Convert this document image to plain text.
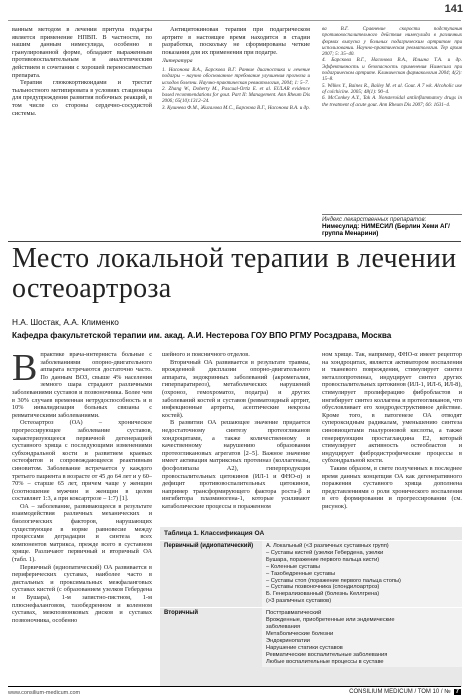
141

ванным методом в лечении притупа подагры является применение НПВП. В частности, по нашим данным нимесулида, особенно в гранулированной форме, обладают выраженным противовоспалительным и аналгетическим действием в сочетании с хорошей переносимостью препарата.

Терапия глюкокортикоидами и трестат тыльностного метипировата в условиях стационара для предупреждения развития побочных реакций, в том числе со стороны сердечно-сосудистой системы.

Антицитокиновая терапия при подагрическом артрите в настоящее время находится в стадии разработки, поскольку не сформированы четкие показания для их применения при подагре.

Литература
1. Насонова В.А., Барскова В.Г. Ранние диагностика и лечение подагры – научно обоснованное требование улучшения прогноза и исходов болезни. Научно-практическая ревматология, 2004; 1: 5–7.
2. Zhang W., Doherty M., Pascual-Ortiz E. et al. EULAR evidence based recommendations for gout. Part II: Management. Ann Rheum Dis 2006; 65(10):1312–24.
3. Кушнева Ф.М., Жигалова М.С., Барскова В.Г., Насонова В.А. и др.
ва В.Г. Сравнение скорости подступания противовоспалительного действия нимесулида в различных формах выпуска у больных подагрическим артритом при использовании. Научно-практическая ревматология. Тер архив 2007; 5: 35–40.
4. Барскова В.Г., Насонова В.А., Ильина Т.А. и др. Эффективность и безопасность применения Нимесила при подагрическом артрите. Клиническая фармакология 2004; 4(2): 15–8.
5. Wilkes Y., Baines R., Bailey M. et al. Gout. A 7 wk. Alcoholic use of colchicine. 2005; 48(1): 90–4.
6. McConkey A.Y., Tak A. Nonsteroidal antiinflammatory drugs in the treatment of acute gout. Ann Rheum Dis 2007; 66: 1631–4.
Индекс лекарственных препаратов:
Нимесулид: НИМЕСИЛ (Берлин Хеми АГ/ группа Менарини)
Место локальной терапии в лечении остеоартроза
Н.А. Шостак, А.А. Клименко
Кафедра факультетской терапии им. акад. А.И. Нестерова ГОУ ВПО РГМУ Росздрава, Москва

Впрактике врача-интерниста больные с заболеваниями опорно-двигательного аппарата встречаются достаточно часто. По данным ВОЗ, свыше 4% населения земного шара страдают различными заболеваниями суставов и позвоночника. Более чем в 30% случаев временная нетрудоспособность и в 10% инвалидизация больных связаны с ревматическими заболеваниями.

Остеоартроз (ОА) – хроническое прогрессирующее заболевание суставов, характеризующееся первичной дегенерацией суставного хряща с последующими изменениями субхондральной кости и развитием краевых остеофитов и сопровождающееся реактивным синовитом. Заболевание встречается у каждого третьего пациента в возрасте от 45 до 64 лет и у 60–70% – старше 65 лет, причем чаще у женщин (соотношение мужчин и женщин в целом составляет 1:3, а при коксартрозе – 1:7) [1].

ОА – заболевание, развивающееся в результате взаимодействия различных механических и биологических факторов, нарушающих существующее в норме равновесие между процессами деградации и синтеза всех компонентов матрикса, прежде всего в суставном хряще. Различают первичный и вторичный ОА (табл. 1).

Первичный (идиопатический) ОА развивается в периферических суставах, наиболее часто в дистальных и проксимальных межфаланговых суставах кистей (с образованием узелков Гебердена и Бушара), 1-м запястно-пястном, 1-м плюснефаланговом, тазобедренном и коленном суставах, межпозвонковых дисков и суставах позвоночника, особенно

шейного и поясничного отделов.

Вторичный ОА развивается в результате травмы, врожденной дисплазии опорно-двигательного аппарата, эндокринных заболеваний (акромегалия, гиперпаратиреоз), метаболических нарушений (охроноз, гемохроматоз, подагра) и других заболеваний костей и суставов (ревматоидный артрит, инфекционные артриты, асептические некрозы костей).

В развитии ОА решающее значение придается недостаточному синтезу протеогликанов хондроцитами, а также количественному и качественному нарушению образования протеогликановых агрегатов [2–5]. Важное значение имеет активация матриксных протеиназ (коллагеназы, фосфолипазы A2), гиперпродукция провоспалительных цитокинов (ИЛ-1 и ФНО-α) и дефицит противовоспалительных цитокинов, например трансформирующего фактора роста-β и ингибитора плазминогена-1, которые усиливают катаболические процессы в пораженном

ном хряще. Так, например, ФНО-α имеет рецептор на хондроцитах, является активатором воспаления и тканевого повреждения, стимулирует синтез металлопротеиназ, индуцирует синтез других провоспалительных цитокинов (ИЛ-1, ИЛ-6, ИЛ-8), стимулирует пролиферацию фибробластов и ингибирует синтез коллагена и протеогликанов, что обусловливает его хондродеструктивное действие. Кроме того, в патогенезе ОА отводят супероксидным радикалам, уменьшению синтеза синовиоцитами гиалуроновой кислоты, а также генерирующим простагландина E2, который стимулирует активность остеобластов и индуцирует фибродистрофические процессы в субхондральной кости.

Таким образом, в свете полученных в последнее время данных концепция ОА как дегенеративного поражения суставного хряща дополнена представлениями о роли хронического воспаления в его формировании и прогрессировании (см. рисунок).

Таблица 1. Классификация ОА
Первичный (идиопатический)	А. Локальный (<3 различных суставных групп)
– Суставы кистей (узелки Гебердена, узелки
Бушара, поражение первого пальца кисти)
– Коленные суставы
– Тазобедренные суставы
– Суставы стоп (поражение первого пальца стопы)
– Суставы позвоночника (спондилоартроз)
Б. Генерализованный (болезнь Келлгрена)
(>3 различных суставов)
Вторичный	Посттравматический
Врожденные, приобретенные или эндемические
заболевания
Метаболические болезни
Эндокринопатии
Нарушение статики суставов
Ревматические воспалительные заболевания
Любые воспалительные процессы в суставе
www.consilium-medicum.com	CONSILIUM MEDICUM / ТОМ 10 / № 7
